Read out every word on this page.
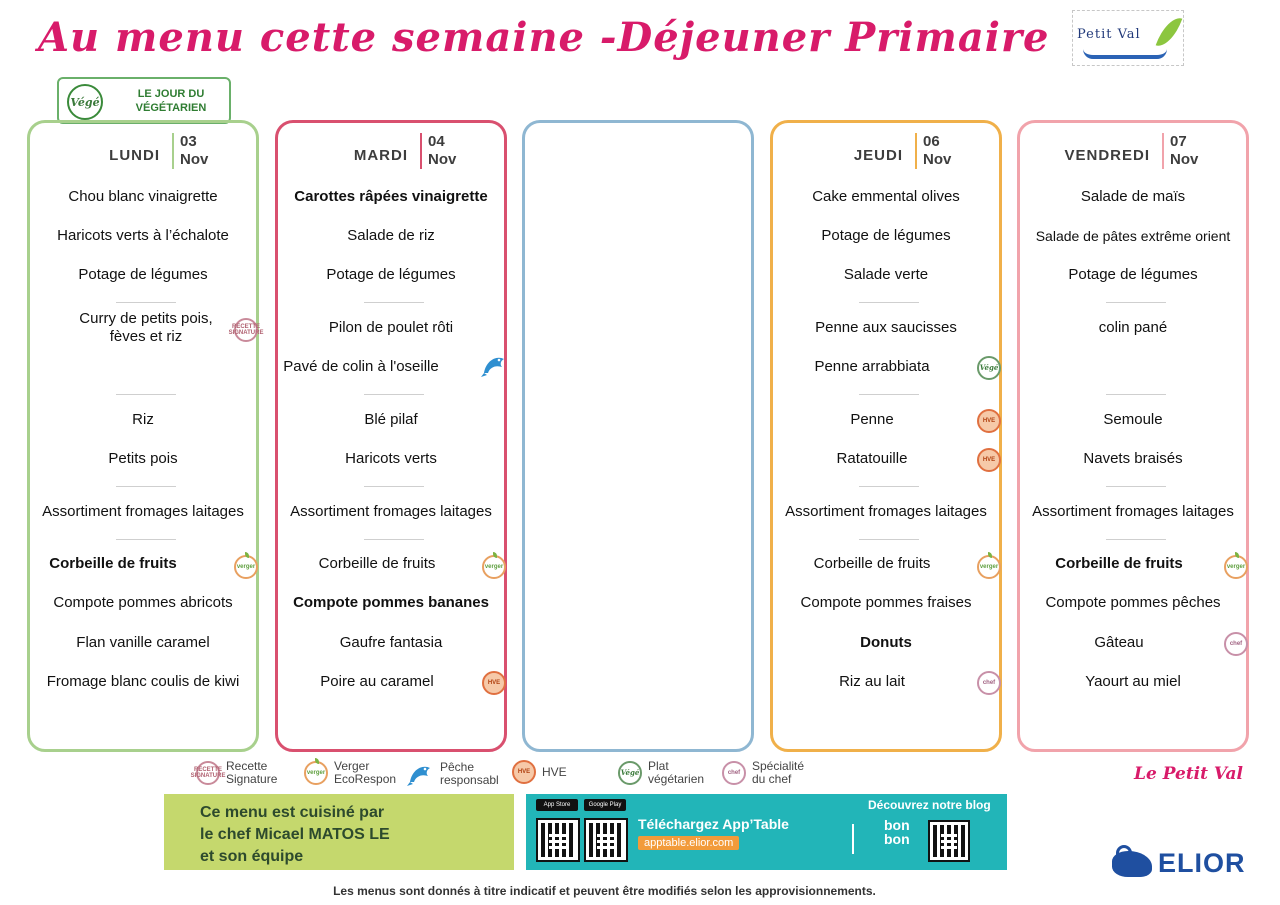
Au menu cette semaine -Déjeuner Primaire Petit Val
Végé
LE JOUR DU VÉGÉTARIEN
LUNDI
03
Nov
Chou blanc vinaigrette
Haricots verts à l’échalote
Potage de légumes
Curry de petits pois, fèves et riz
RECETTE
SIGNATURE
Riz
Petits pois
Assortiment fromages laitages
Corbeille de fruits	verger
Compote pommes abricots
Flan vanille caramel
Fromage blanc coulis de kiwi
MARDI
04
Nov
Carottes râpées vinaigrette
Salade de riz
Potage de légumes
Pilon de poulet rôti
Pavé de colin à l'oseille
Blé pilaf
Haricots verts
Assortiment fromages laitages
Corbeille de fruits	verger
Compote pommes bananes
Gaufre fantasia
Poire au caramel	HVE
JEUDI
06
Nov
Cake emmental olives
Potage de légumes
Salade verte
Penne aux saucisses
Penne arrabbiata	Végé
Penne	HVE
Ratatouille	HVE
Assortiment fromages laitages
Corbeille de fruits	verger
Compote pommes fraises
Donuts
Riz au lait	chef
VENDREDI
07
Nov
Salade de maïs
Salade de pâtes extrême orient
Potage de légumes
colin pané
Semoule
Navets braisés
Assortiment fromages laitages
Corbeille de fruits	verger
Compote pommes pêches
Gâteau	chef
Yaourt au miel
RECETTE
SIGNATURE
Recette
Signature	verger Verger
EcoRespon
Pêche
responsabl
HVE HVE	Végé Plat
végétarien	chef Spécialité
du chef	Le Petit Val
Ce menu est cuisiné par
le chef Micael MATOS LE
et son équipe
App Store	Google Play
Téléchargez App’Table
apptable.elior.com
Découvrez notre blog
bon
bon
ELIOR
Les menus sont donnés à titre indicatif et peuvent être modifiés selon les approvisionnements.
